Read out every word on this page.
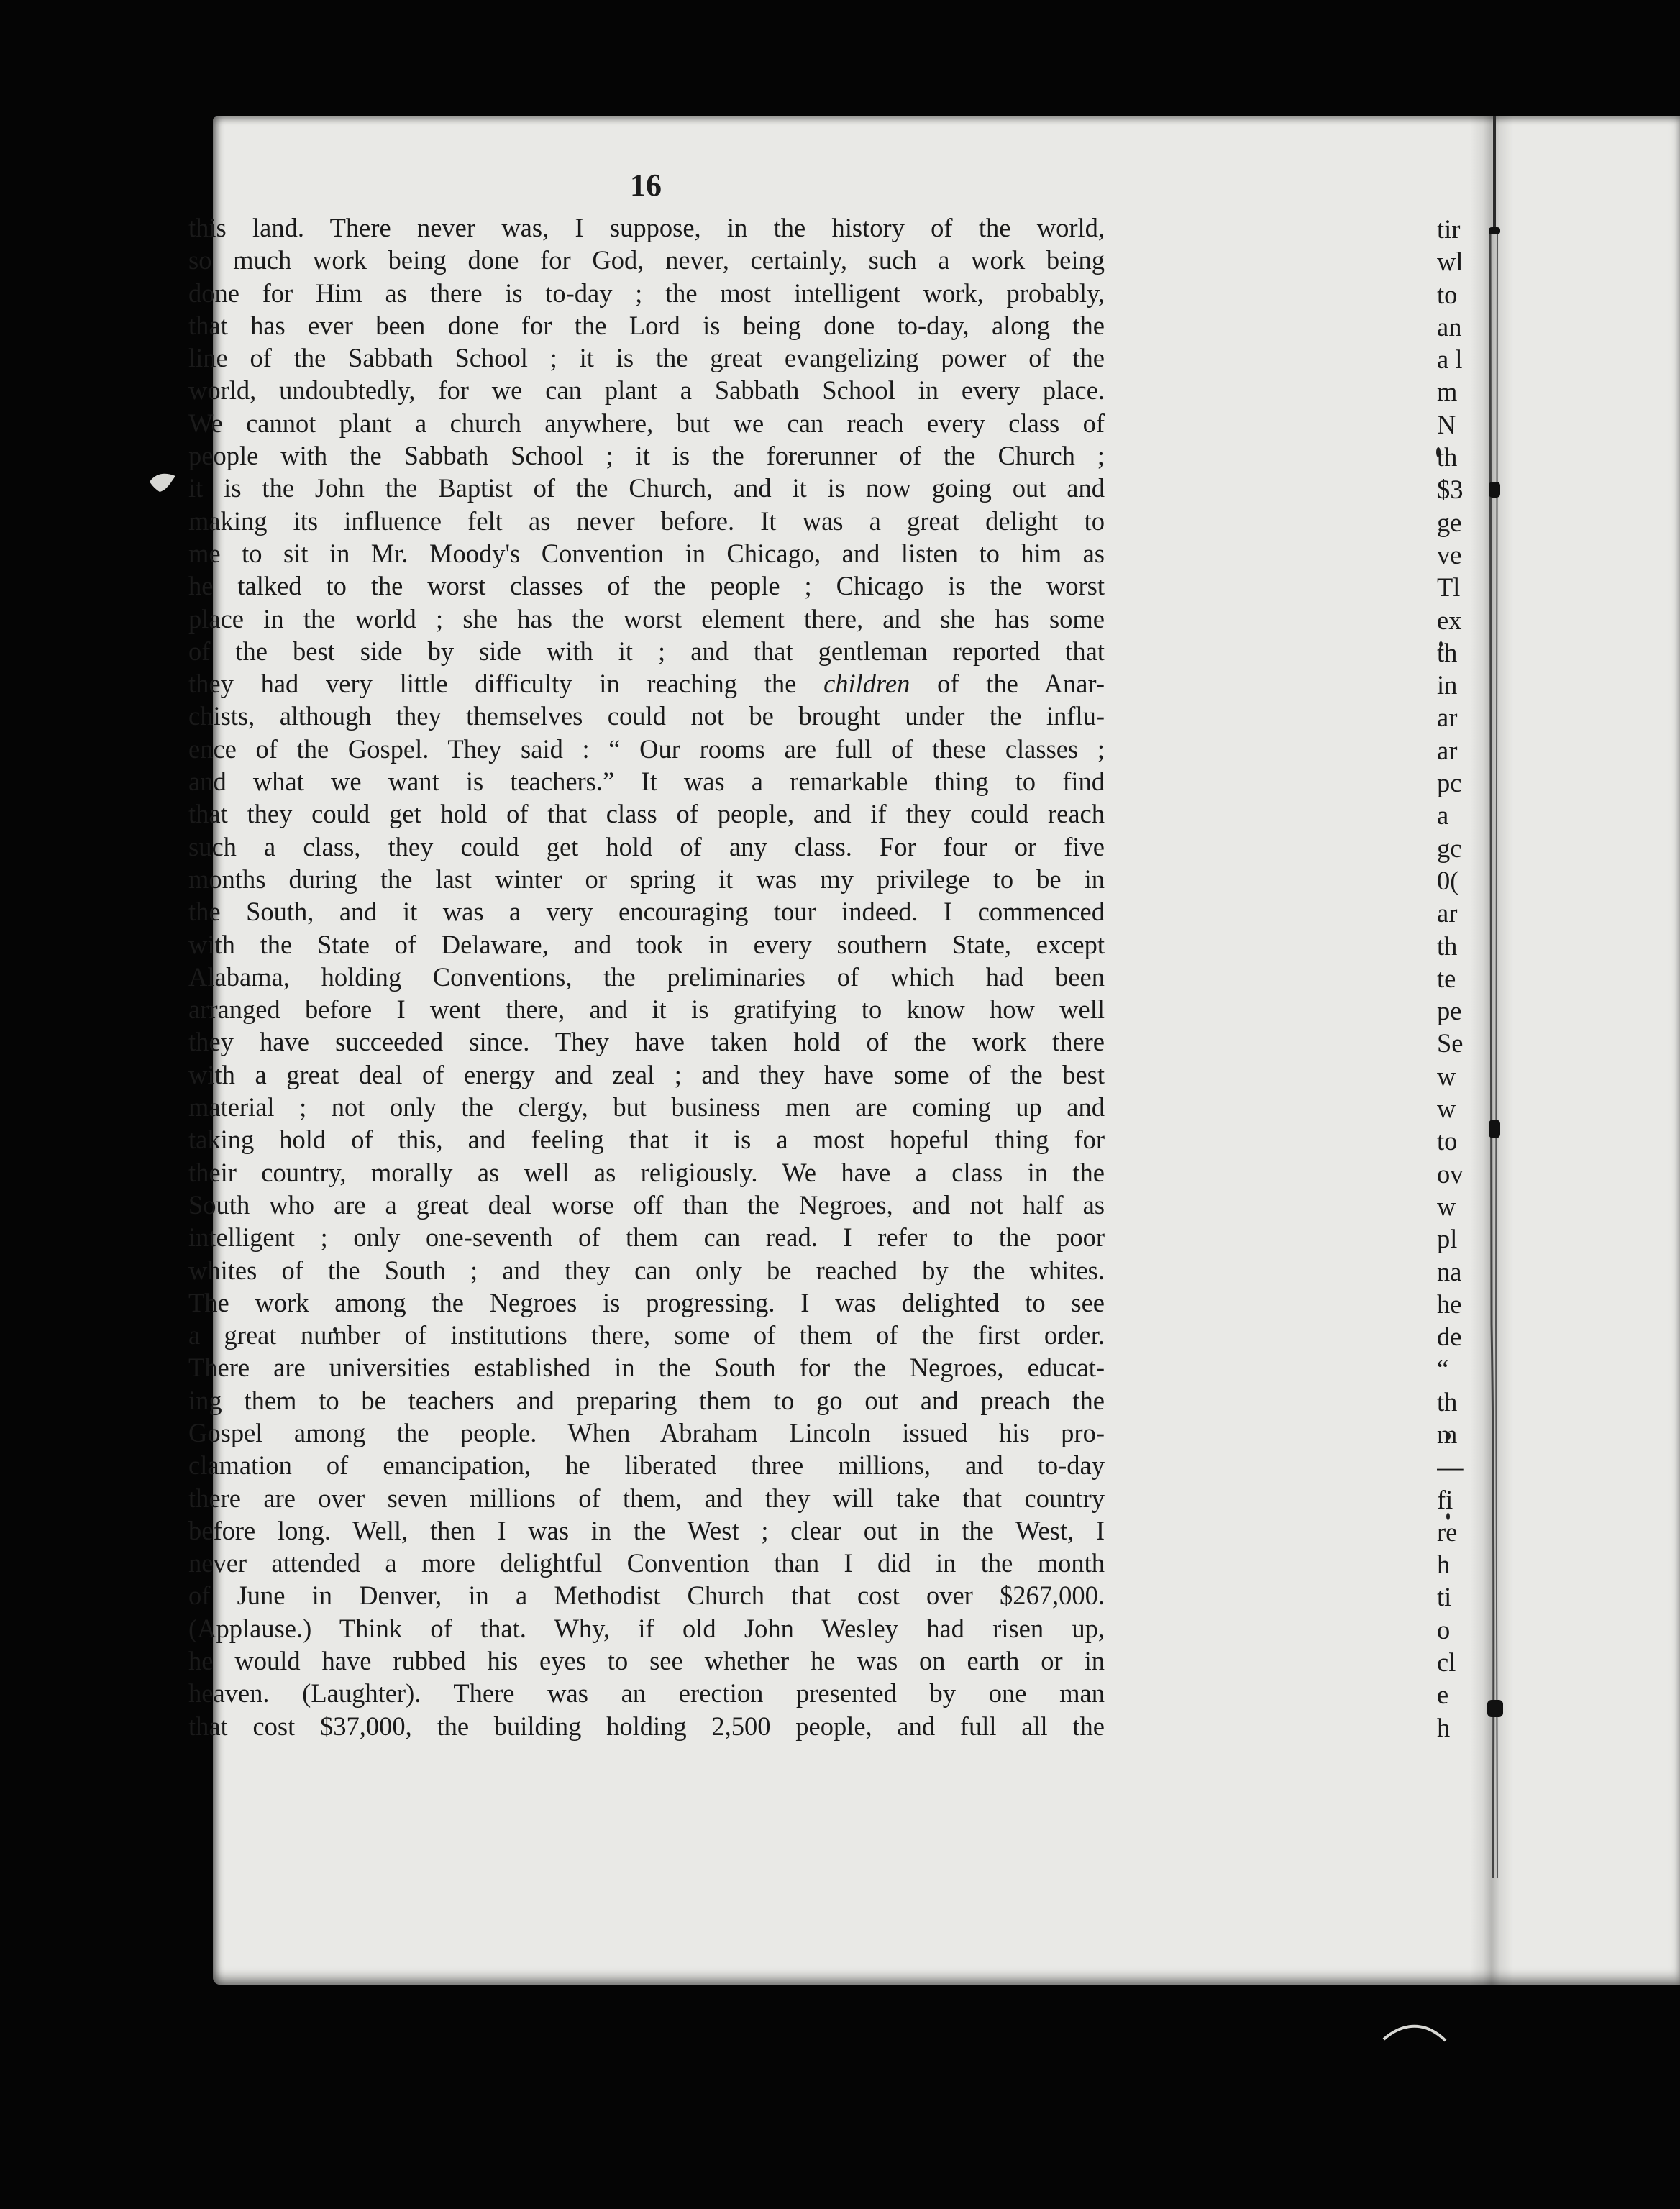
16
this land. There never was, I suppose, in the history of the world,
so much work being done for God, never, certainly, such a work being
done for Him as there is to-day ; the most intelligent work, probably,
that has ever been done for the Lord is being done to-day, along the
line of the Sabbath School ; it is the great evangelizing power of the
world, undoubtedly, for we can plant a Sabbath School in every place.
We cannot plant a church anywhere, but we can reach every class of
people with the Sabbath School ; it is the forerunner of the Church ;
it is the John the Baptist of the Church, and it is now going out and
making its influence felt as never before. It was a great delight to
me to sit in Mr. Moody's Convention in Chicago, and listen to him as
he talked to the worst classes of the people ; Chicago is the worst
place in the world ; she has the worst element there, and she has some
of the best side by side with it ; and that gentleman reported that
they had very little difficulty in reaching the children of the Anar-
chists, although they themselves could not be brought under the influ-
ence of the Gospel. They said : “ Our rooms are full of these classes ;
and what we want is teachers.” It was a remarkable thing to find
that they could get hold of that class of people, and if they could reach
such a class, they could get hold of any class. For four or five
months during the last winter or spring it was my privilege to be in
the South, and it was a very encouraging tour indeed. I commenced
with the State of Delaware, and took in every southern State, except
Alabama, holding Conventions, the preliminaries of which had been
arranged before I went there, and it is gratifying to know how well
they have succeeded since. They have taken hold of the work there
with a great deal of energy and zeal ; and they have some of the best
material ; not only the clergy, but business men are coming up and
taking hold of this, and feeling that it is a most hopeful thing for
their country, morally as well as religiously. We have a class in the
South who are a great deal worse off than the Negroes, and not half as
intelligent ; only one-seventh of them can read. I refer to the poor
whites of the South ; and they can only be reached by the whites.
The work among the Negroes is progressing. I was delighted to see
a great number of institutions there, some of them of the first order.
There are universities established in the South for the Negroes, educat-
ing them to be teachers and preparing them to go out and preach the
Gospel among the people. When Abraham Lincoln issued his pro-
clamation of emancipation, he liberated three millions, and to-day
there are over seven millions of them, and they will take that country
before long. Well, then I was in the West ; clear out in the West, I
never attended a more delightful Convention than I did in the month
of June in Denver, in a Methodist Church that cost over $267,000.
(Applause.) Think of that. Why, if old John Wesley had risen up,
he would have rubbed his eyes to see whether he was on earth or in
heaven. (Laughter). There was an erection presented by one man
that cost $37,000, the building holding 2,500 people, and full all the
tir
wl
to
an
a l
m
N
th
$3
ge
ve
Tl
ex
th
in
ar
ar
pc
a
gc
0(
ar
th
te
pe
Se
w
w
to
ov
w
pl
na
he
de
“
th
m
—
fi
re
h
ti
o
cl
e
h
